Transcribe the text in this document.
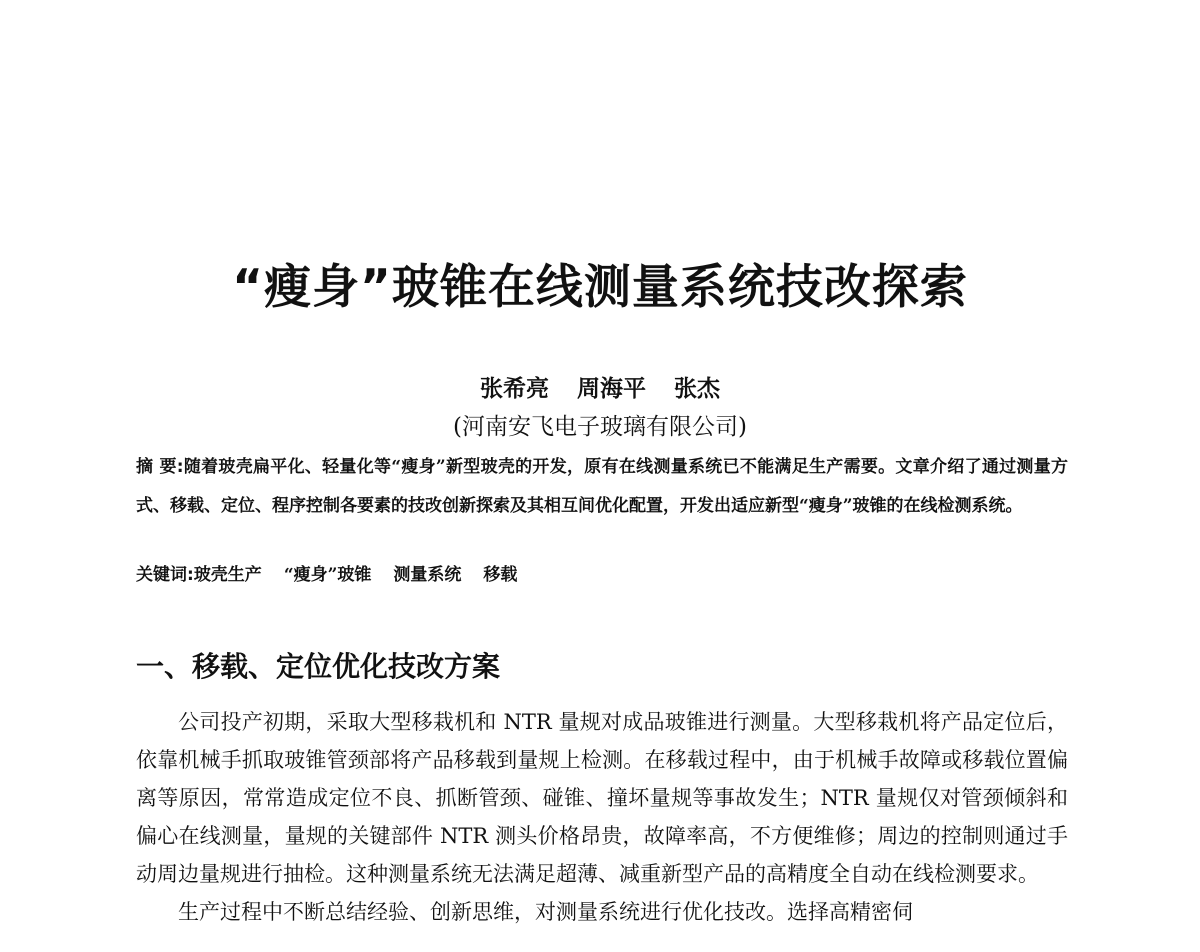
“瘦身”玻锥在线测量系统技改探索
张希亮 周海平 张杰
(河南安飞电子玻璃有限公司)
摘 要:随着玻壳扁平化、轻量化等“瘦身”新型玻壳的开发，原有在线测量系统已不能满足生产需要。文章介绍了通过测量方式、移载、定位、程序控制各要素的技改创新探索及其相互间优化配置，开发出适应新型“瘦身”玻锥的在线检测系统。
关键词:玻壳生产 “瘦身”玻锥 测量系统 移载
一、移载、定位优化技改方案

公司投产初期，采取大型移栽机和 NTR 量规对成品玻锥进行测量。大型移栽机将产品定位后，依靠机械手抓取玻锥管颈部将产品移载到量规上检测。在移载过程中，由于机械手故障或移载位置偏离等原因，常常造成定位不良、抓断管颈、碰锥、撞坏量规等事故发生；NTR 量规仅对管颈倾斜和偏心在线测量，量规的关键部件 NTR 测头价格昂贵，故障率高，不方便维修；周边的控制则通过手动周边量规进行抽检。这种测量系统无法满足超薄、减重新型产品的高精度全自动在线检测要求。

生产过程中不断总结经验、创新思维，对测量系统进行优化技改。选择高精密伺
